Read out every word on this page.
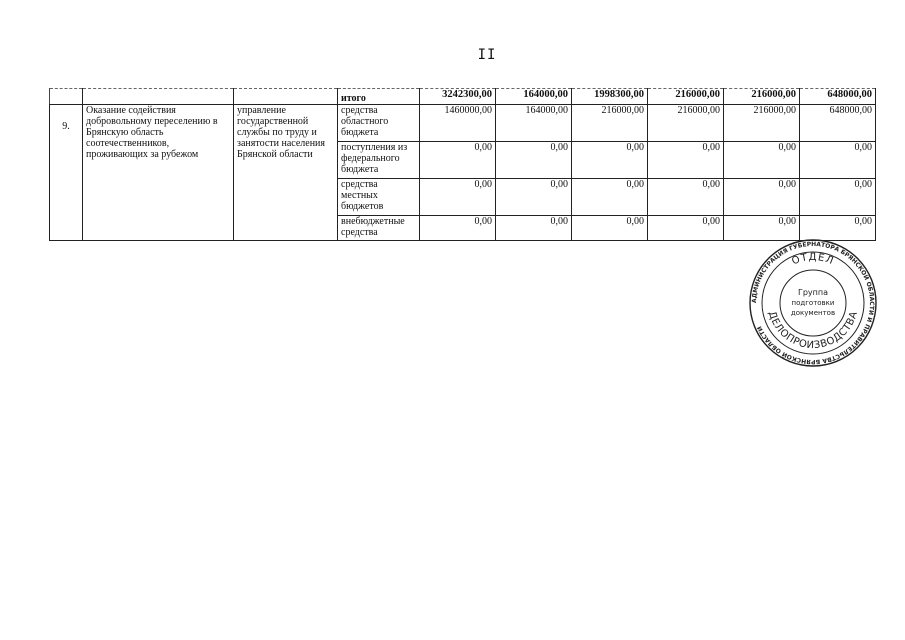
II
			итого	3242300,00	164000,00	1998300,00	216000,00	216000,00	648000,00
9.	Оказание содействия добровольному переселению в Брянскую область соотечественников, проживающих за рубежом	управление государственной службы по труду и занятости населения Брянской области	средства областного бюджета	1460000,00	164000,00	216000,00	216000,00	216000,00	648000,00
			поступления из федерального бюджета	0,00	0,00	0,00	0,00	0,00	0,00
			средства местных бюджетов	0,00	0,00	0,00	0,00	0,00	0,00
			внебюджетные средства	0,00	0,00	0,00	0,00	0,00	0,00
АДМИНИСТРАЦИЯ ГУБЕРНАТОРА БРЯНСКОЙ ОБЛАСТИ И ПРАВИТЕЛЬСТВА БРЯНСКОЙ ОБЛАСТИ
ОТДЕЛ
ДЕЛОПРОИЗВОДСТВА
Группа
подготовки
документов
